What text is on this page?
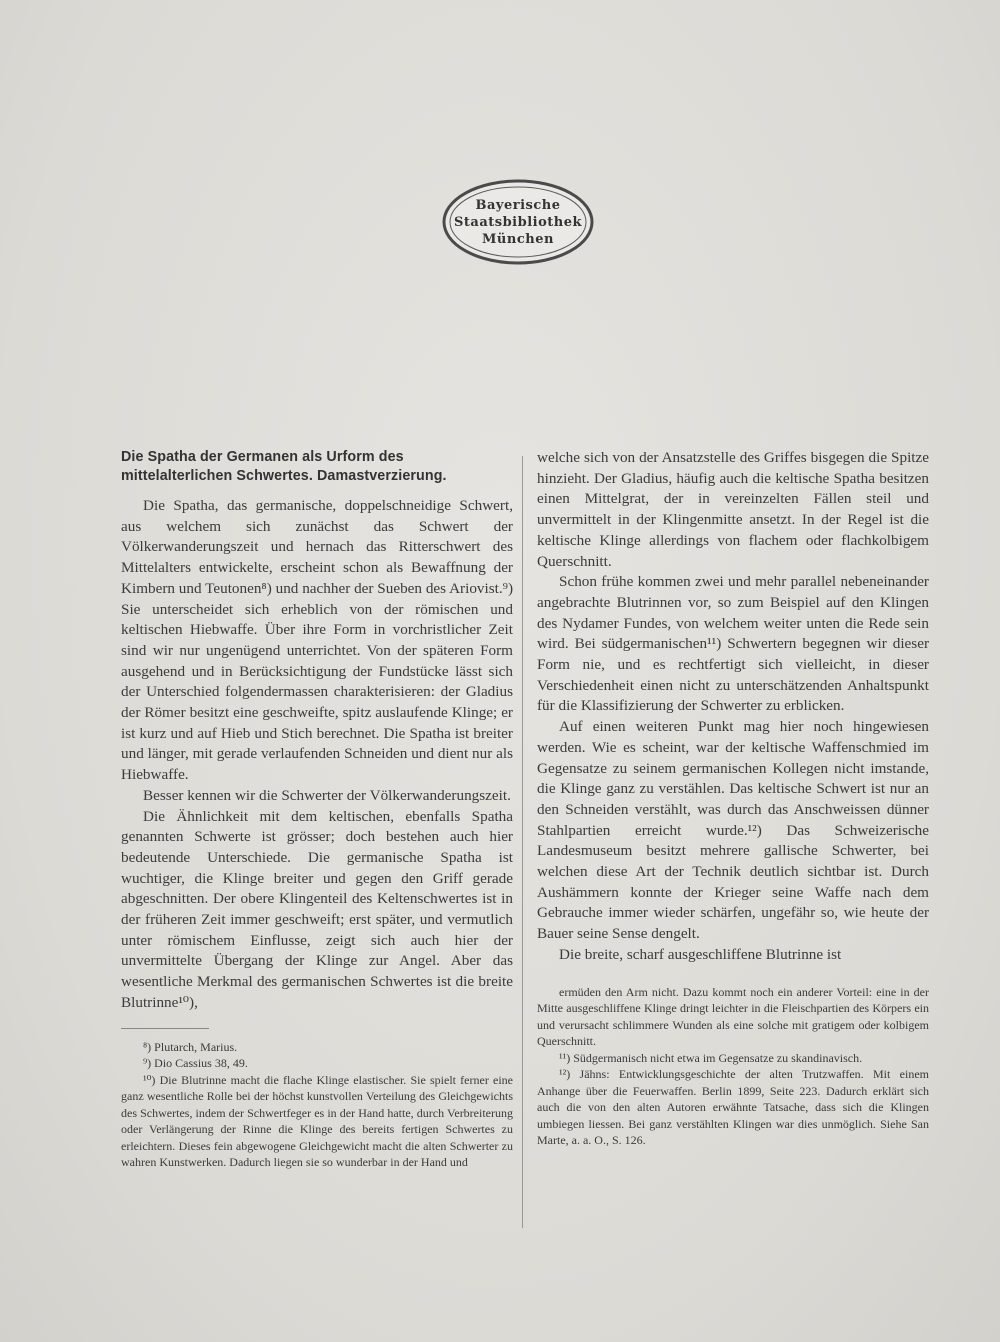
Bayerische
Staatsbibliothek
München
Die Spatha der Germanen als Urform des mittelalterlichen Schwertes. Damastverzierung.

Die Spatha, das germanische, doppelschneidige Schwert, aus welchem sich zunächst das Schwert der Völkerwanderungszeit und hernach das Ritterschwert des Mittelalters entwickelte, erscheint schon als Bewaffnung der Kimbern und Teutonen⁸) und nachher der Sueben des Ariovist.⁹) Sie unterscheidet sich erheblich von der römischen und keltischen Hiebwaffe. Über ihre Form in vorchristlicher Zeit sind wir nur ungenügend unterrichtet. Von der späteren Form ausgehend und in Berücksichtigung der Fundstücke lässt sich der Unterschied folgendermassen charakterisieren: der Gladius der Römer besitzt eine geschweifte, spitz auslaufende Klinge; er ist kurz und auf Hieb und Stich berechnet. Die Spatha ist breiter und länger, mit gerade verlaufenden Schneiden und dient nur als Hiebwaffe.

Besser kennen wir die Schwerter der Völkerwanderungszeit.

Die Ähnlichkeit mit dem keltischen, ebenfalls Spatha genannten Schwerte ist grösser; doch bestehen auch hier bedeutende Unterschiede. Die germanische Spatha ist wuchtiger, die Klinge breiter und gegen den Griff gerade abgeschnitten. Der obere Klingenteil des Keltenschwertes ist in der früheren Zeit immer geschweift; erst später, und vermutlich unter römischem Einflusse, zeigt sich auch hier der unvermittelte Übergang der Klinge zur Angel. Aber das wesentliche Merkmal des germanischen Schwertes ist die breite Blutrinne¹⁰),

⁸) Plutarch, Marius.

⁹) Dio Cassius 38, 49.

¹⁰) Die Blutrinne macht die flache Klinge elastischer. Sie spielt ferner eine ganz wesentliche Rolle bei der höchst kunstvollen Verteilung des Gleichgewichts des Schwertes, indem der Schwertfeger es in der Hand hatte, durch Verbreiterung oder Verlängerung der Rinne die Klinge des bereits fertigen Schwertes zu erleichtern. Dieses fein abgewogene Gleichgewicht macht die alten Schwerter zu wahren Kunstwerken. Dadurch liegen sie so wunderbar in der Hand und

welche sich von der Ansatzstelle des Griffes bisgegen die Spitze hinzieht. Der Gladius, häufig auch die keltische Spatha besitzen einen Mittelgrat, der in vereinzelten Fällen steil und unvermittelt in der Klingenmitte ansetzt. In der Regel ist die keltische Klinge allerdings von flachem oder flachkolbigem Querschnitt.

Schon frühe kommen zwei und mehr parallel nebeneinander angebrachte Blutrinnen vor, so zum Beispiel auf den Klingen des Nydamer Fundes, von welchem weiter unten die Rede sein wird. Bei südgermanischen¹¹) Schwertern begegnen wir dieser Form nie, und es rechtfertigt sich vielleicht, in dieser Verschiedenheit einen nicht zu unterschätzenden Anhaltspunkt für die Klassifizierung der Schwerter zu erblicken.

Auf einen weiteren Punkt mag hier noch hingewiesen werden. Wie es scheint, war der keltische Waffenschmied im Gegensatze zu seinem germanischen Kollegen nicht imstande, die Klinge ganz zu verstählen. Das keltische Schwert ist nur an den Schneiden verstählt, was durch das Anschweissen dünner Stahlpartien erreicht wurde.¹²) Das Schweizerische Landesmuseum besitzt mehrere gallische Schwerter, bei welchen diese Art der Technik deutlich sichtbar ist. Durch Aushämmern konnte der Krieger seine Waffe nach dem Gebrauche immer wieder schärfen, ungefähr so, wie heute der Bauer seine Sense dengelt.

Die breite, scharf ausgeschliffene Blutrinne ist

ermüden den Arm nicht. Dazu kommt noch ein anderer Vorteil: eine in der Mitte ausgeschliffene Klinge dringt leichter in die Fleischpartien des Körpers ein und verursacht schlimmere Wunden als eine solche mit gratigem oder kolbigem Querschnitt.

¹¹) Südgermanisch nicht etwa im Gegensatze zu skandinavisch.

¹²) Jähns: Entwicklungsgeschichte der alten Trutzwaffen. Mit einem Anhange über die Feuerwaffen. Berlin 1899, Seite 223. Dadurch erklärt sich auch die von den alten Autoren erwähnte Tatsache, dass sich die Klingen umbiegen liessen. Bei ganz verstählten Klingen war dies unmöglich. Siehe San Marte, a. a. O., S. 126.
